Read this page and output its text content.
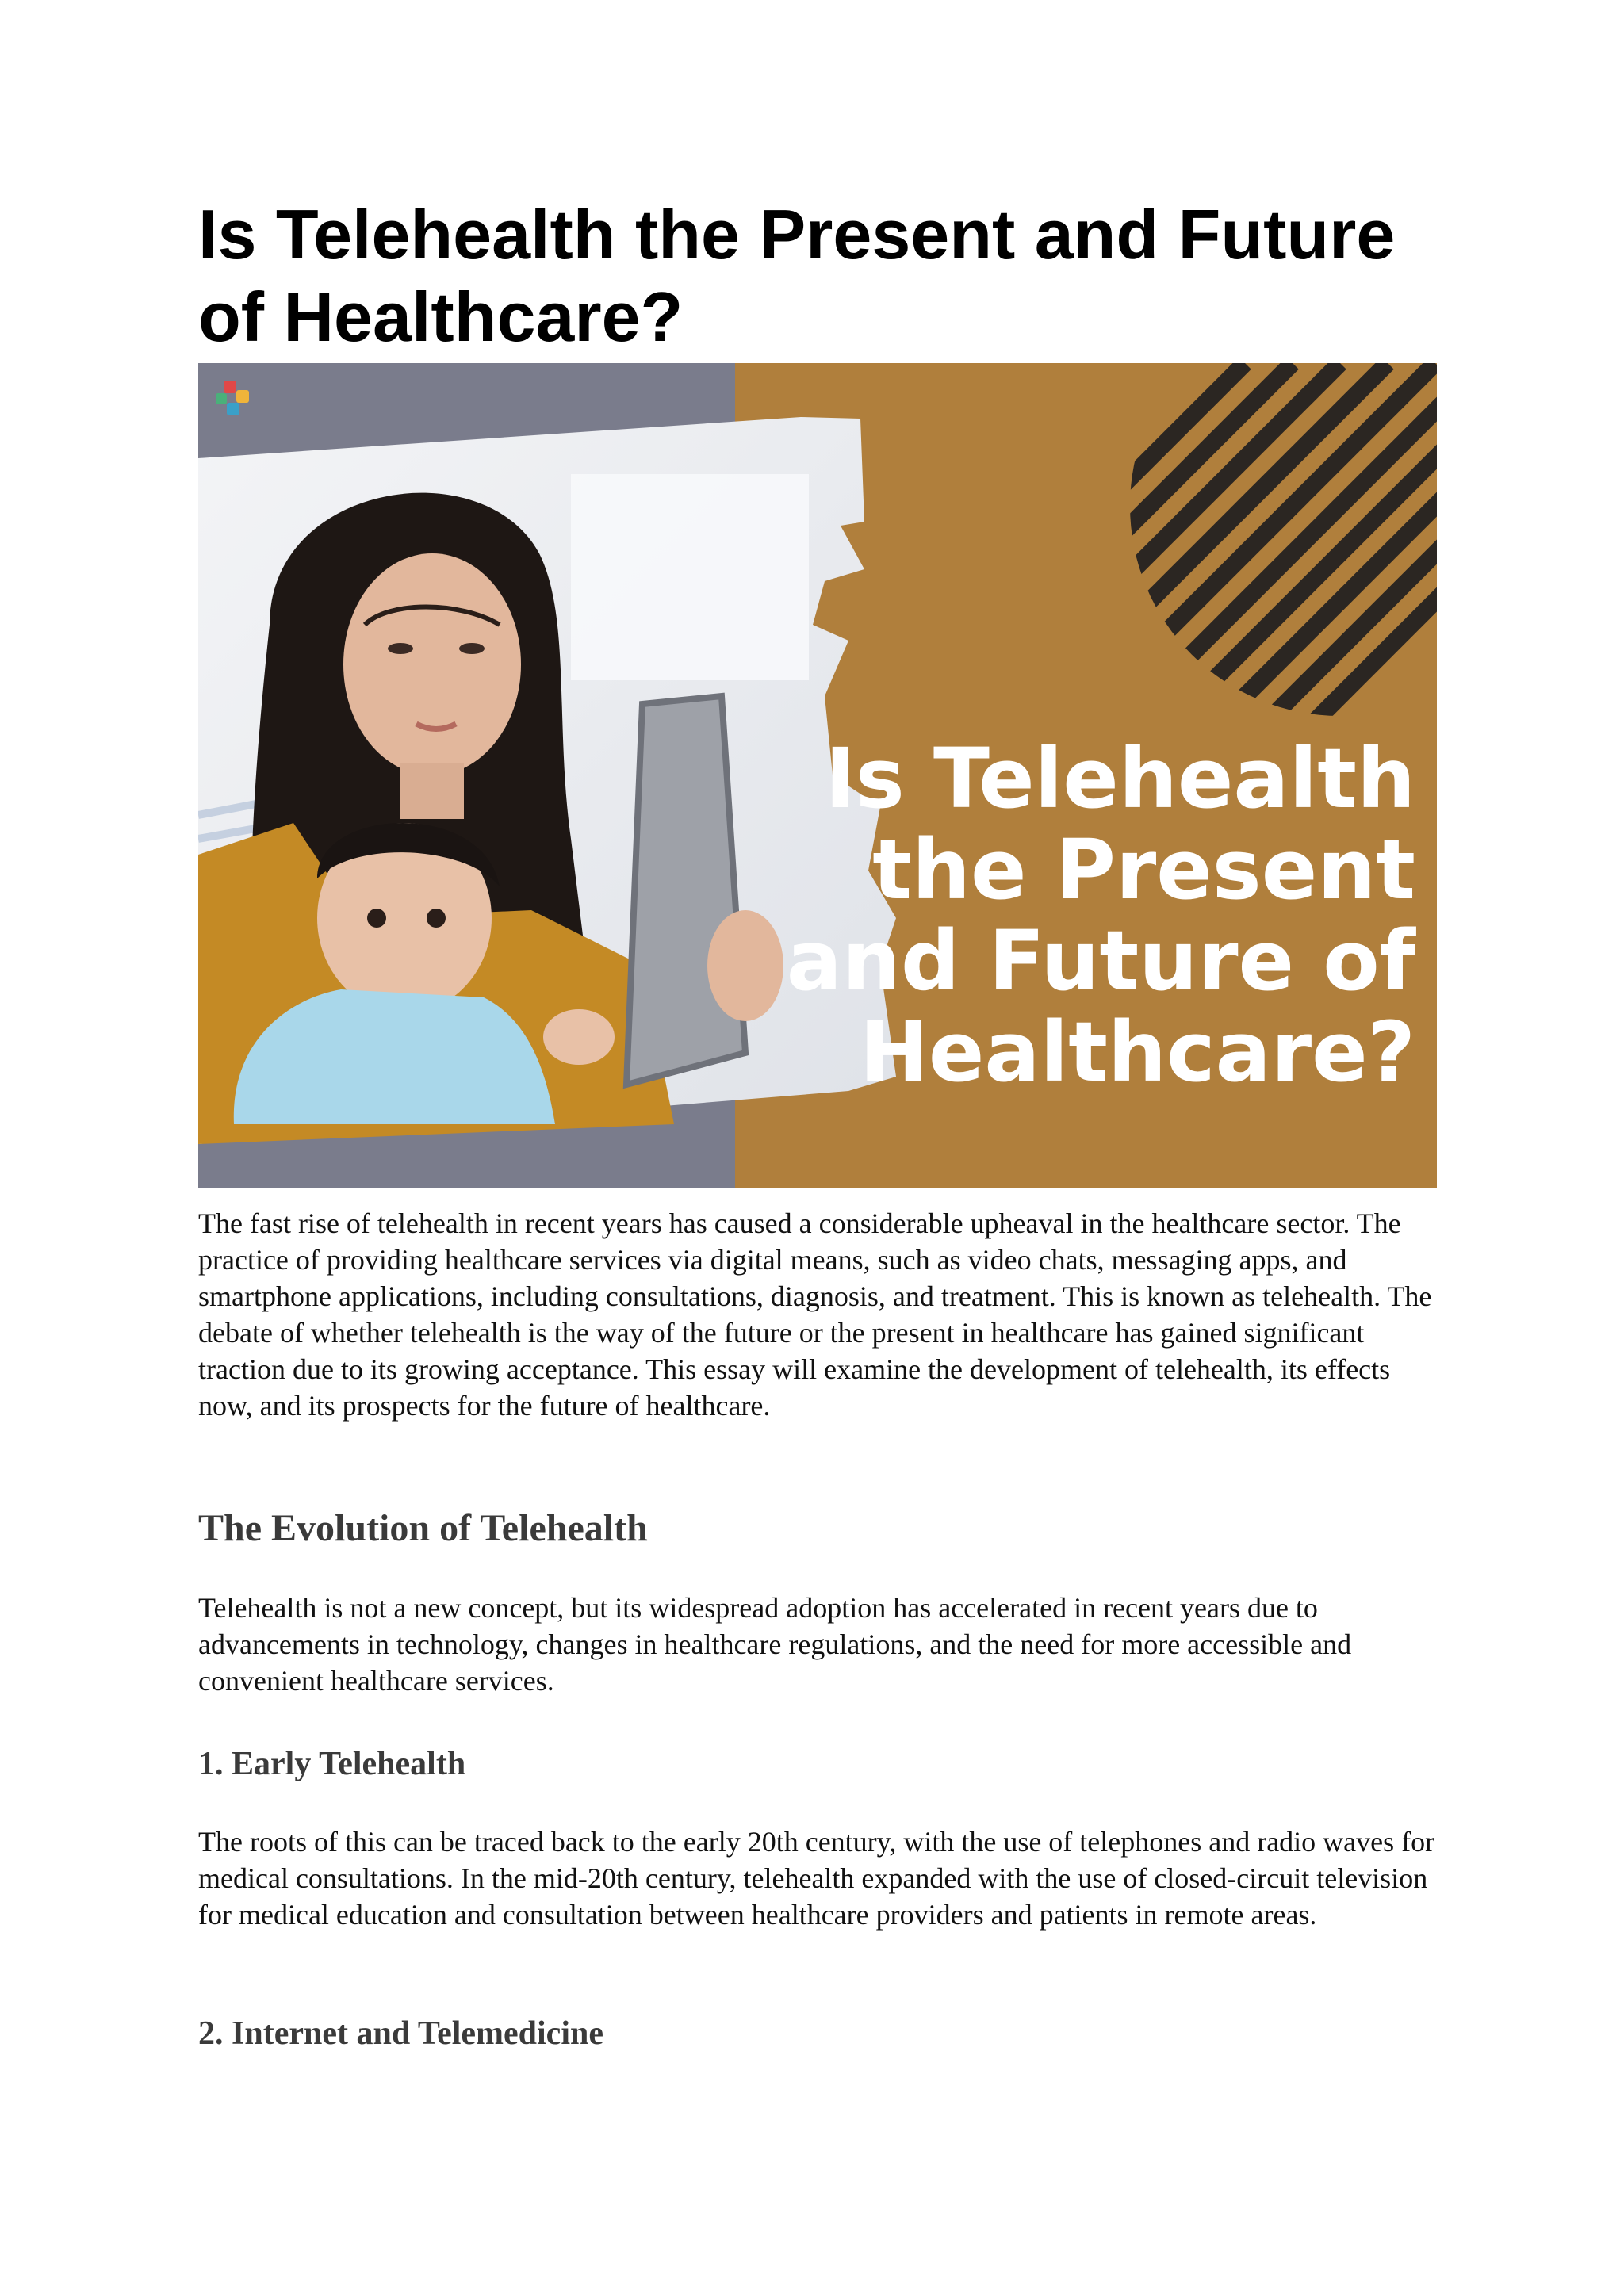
Is Telehealth the Present and Future of Healthcare?
Is Telehealth
the Present
and Future of
Healthcare?

The fast rise of telehealth in recent years has caused a considerable upheaval in the healthcare sector. The practice of providing healthcare services via digital means, such as video chats, messaging apps, and smartphone applications, including consultations, diagnosis, and treatment. This is known as telehealth. The debate of whether telehealth is the way of the future or the present in healthcare has gained significant traction due to its growing acceptance. This essay will examine the development of telehealth, its effects now, and its prospects for the future of healthcare.

The Evolution of Telehealth

Telehealth is not a new concept, but its widespread adoption has accelerated in recent years due to advancements in technology, changes in healthcare regulations, and the need for more accessible and convenient healthcare services.

1. Early Telehealth

The roots of this can be traced back to the early 20th century, with the use of telephones and radio waves for medical consultations. In the mid-20th century, telehealth expanded with the use of closed-circuit television for medical education and consultation between healthcare providers and patients in remote areas.

2. Internet and Telemedicine
